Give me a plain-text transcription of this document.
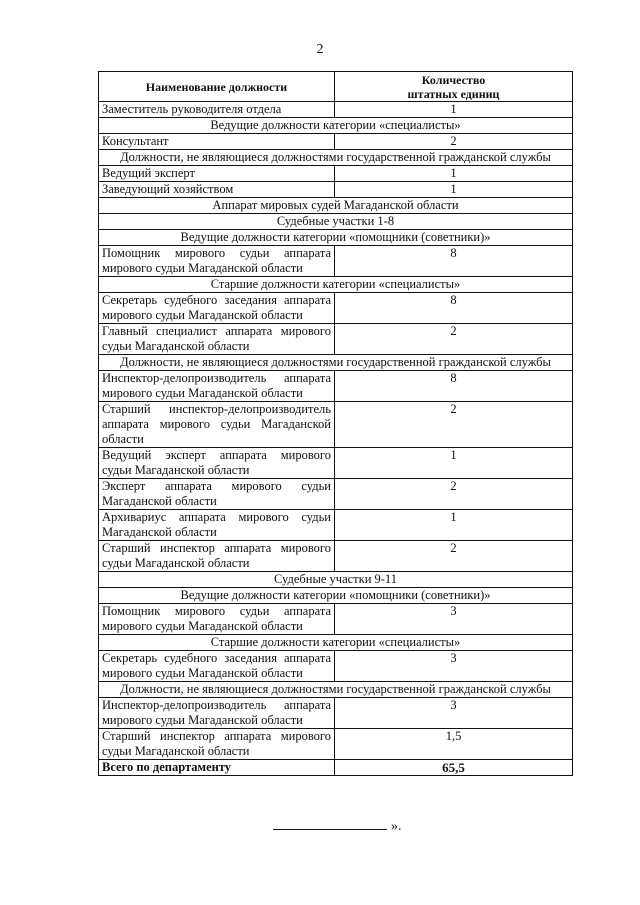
2
Наименование должности	Количество
штатных единиц
Заместитель руководителя отдела	1
Ведущие должности категории «специалисты»	
Консультант	2
Должности, не являющиеся должностями государственной гражданской службы	
Ведущий эксперт	1
Заведующий хозяйством	1
Аппарат мировых судей Магаданской области	
Судебные участки 1-8	
Ведущие должности категории «помощники (советники)»	
Помощник мирового судьи аппарата мирового судьи Магаданской области	8
Старшие должности категории «специалисты»	
Секретарь судебного заседания аппарата мирового судьи Магаданской области	8
Главный специалист аппарата мирового судьи Магаданской области	2
Должности, не являющиеся должностями государственной гражданской службы	
Инспектор-делопроизводитель аппарата мирового судьи Магаданской области	8
Старший инспектор-делопроизводитель аппарата мирового судьи Магаданской области	2
Ведущий эксперт аппарата мирового судьи Магаданской области	1
Эксперт аппарата мирового судьи Магаданской области	2
Архивариус аппарата мирового судьи Магаданской области	1
Старший инспектор аппарата мирового судьи Магаданской области	2
Судебные участки 9-11	
Ведущие должности категории «помощники (советники)»	
Помощник мирового судьи аппарата мирового судьи Магаданской области	3
Старшие должности категории «специалисты»	
Секретарь судебного заседания аппарата мирового судьи Магаданской области	3
Должности, не являющиеся должностями государственной гражданской службы	
Инспектор-делопроизводитель аппарата мирового судьи Магаданской области	3
Старший инспектор аппарата мирового судьи Магаданской области	1,5
Всего по департаменту	65,5
».
